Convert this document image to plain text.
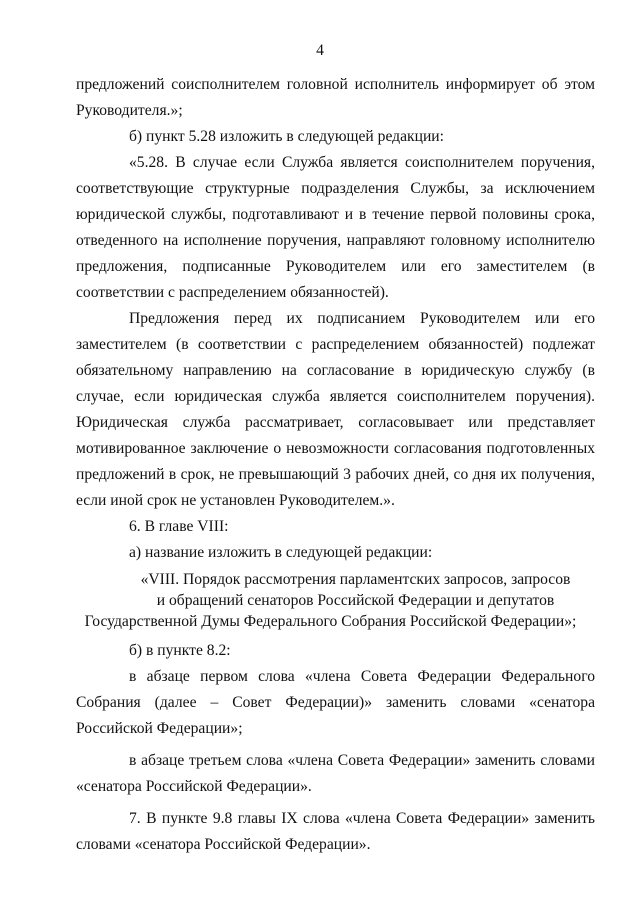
4

предложений соисполнителем головной исполнитель информирует об этом Руководителя.»;

б) пункт 5.28 изложить в следующей редакции:

«5.28. В случае если Служба является соисполнителем поручения, соответствующие структурные подразделения Службы, за исключением юридической службы, подготавливают и в течение первой половины срока, отведенного на исполнение поручения, направляют головному исполнителю предложения, подписанные Руководителем или его заместителем (в соответствии с распределением обязанностей).

Предложения перед их подписанием Руководителем или его заместителем (в соответствии с распределением обязанностей) подлежат обязательному направлению на согласование в юридическую службу (в случае, если юридическая служба является соисполнителем поручения). Юридическая служба рассматривает, согласовывает или представляет мотивированное заключение о невозможности согласования подготовленных предложений в срок, не превышающий 3 рабочих дней, со дня их получения, если иной срок не установлен Руководителем.».

6. В главе VIII:

а) название изложить в следующей редакции:

«VIII. Порядок рассмотрения парламентских запросов, запросов
и обращений сенаторов Российской Федерации и депутатов
Государственной Думы Федерального Собрания Российской Федерации»;

б) в пункте 8.2:

в абзаце первом слова «члена Совета Федерации Федерального Собрания (далее – Совет Федерации)» заменить словами «сенатора Российской Федерации»;

в абзаце третьем слова «члена Совета Федерации» заменить словами «сенатора Российской Федерации».

7. В пункте 9.8 главы IX слова «члена Совета Федерации» заменить словами «сенатора Российской Федерации».
